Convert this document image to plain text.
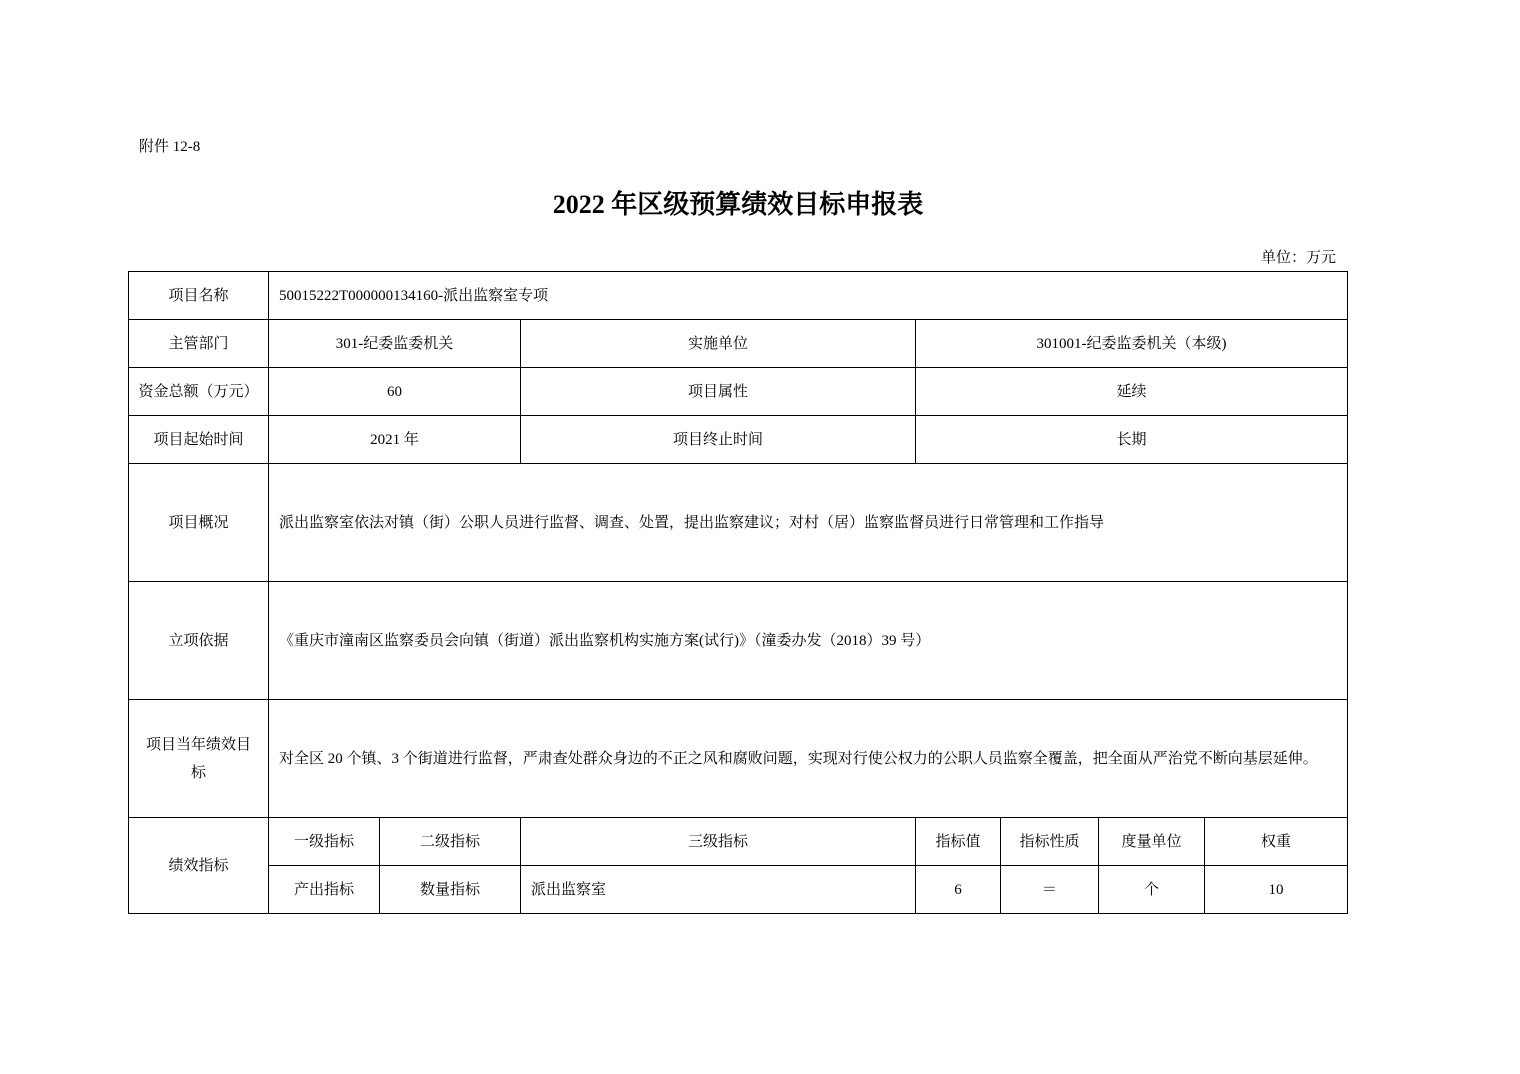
附件 12-8
2022 年区级预算绩效目标申报表
单位：万元
项目名称	50015222T000000134160-派出监察室专项						
主管部门	301-纪委监委机关		实施单位	301001-纪委监委机关（本级)			
资金总额（万元）	60		项目属性	延续			
项目起始时间	2021 年		项目终止时间	长期			
项目概况	派出监察室依法对镇（街）公职人员进行监督、调查、处置，提出监察建议；对村（居）监察监督员进行日常管理和工作指导						
立项依据	《重庆市潼南区监察委员会向镇（街道）派出监察机构实施方案(试行)》（潼委办发（2018）39 号）						
项目当年绩效目标	对全区 20 个镇、3 个街道进行监督，严肃查处群众身边的不正之风和腐败问题，实现对行使公权力的公职人员监察全覆盖，把全面从严治党不断向基层延伸。						
绩效指标	一级指标	二级指标	三级指标	指标值	指标性质	度量单位	权重
	产出指标	数量指标	派出监察室	6	＝	个	10
